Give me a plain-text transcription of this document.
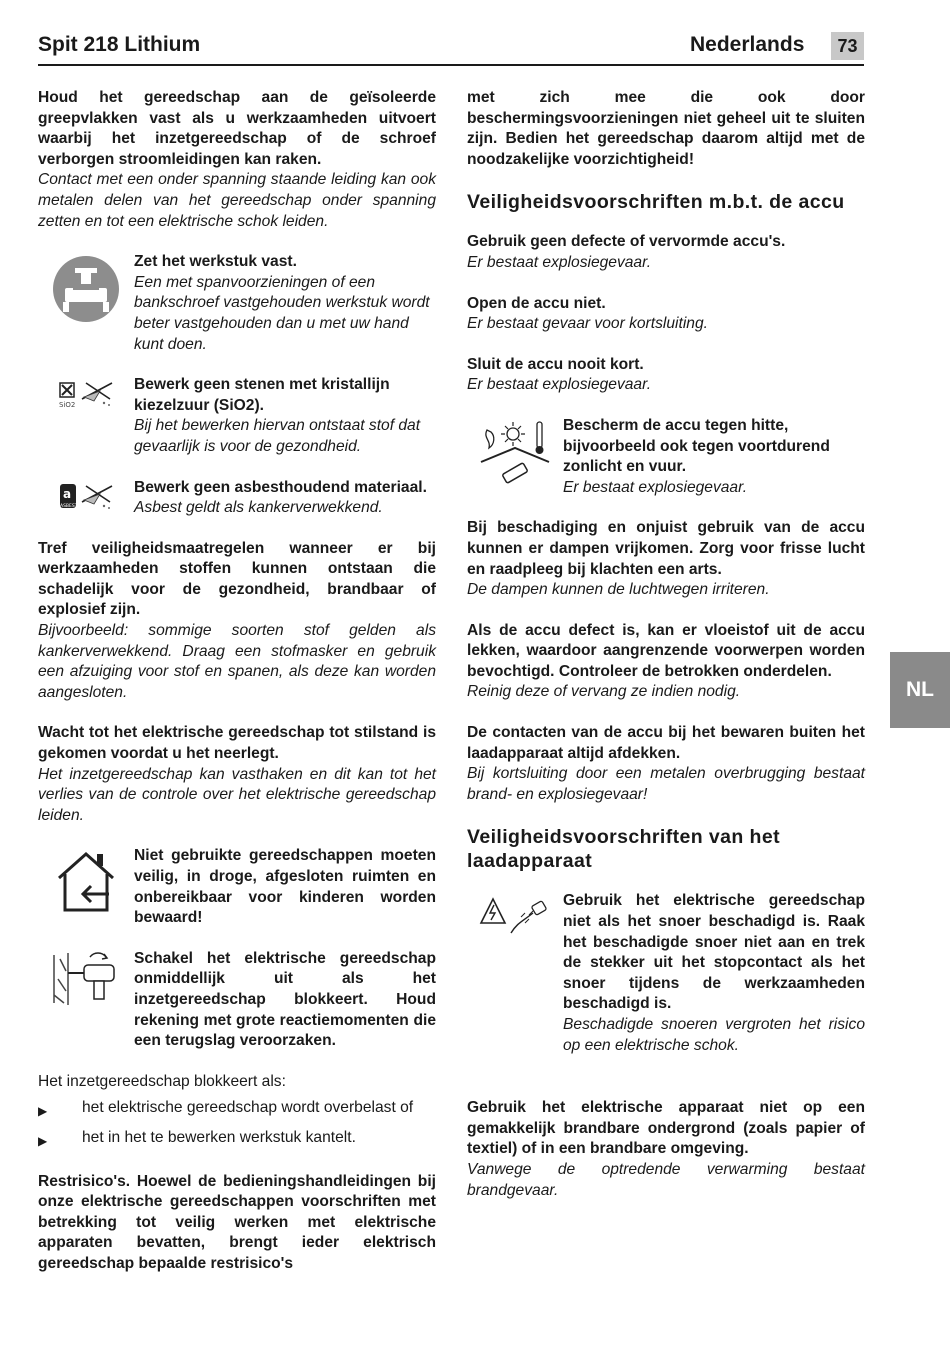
Spit 218 Lithium	Nederlands	73
Houd het gereedschap aan de geïsoleerde greepvlakken vast als u werkzaamheden uitvoert waarbij het inzetgereedschap of de schroef verborgen stroomleidingen kan raken.
Contact met een onder spanning staande leiding kan ook metalen delen van het gereedschap onder spanning zetten en tot een elektrische schok leiden.
Zet het werkstuk vast.
Een met spanvoorzieningen of een bankschroef vastgehouden werkstuk wordt beter vastgehouden dan u met uw hand kunt doen.
SiO2
Bewerk geen stenen met kristallijn kiezelzuur (SiO2).
Bij het bewerken hiervan ontstaat stof dat gevaarlijk is voor de gezondheid.
a
ASBEST
Bewerk geen asbesthoudend materiaal.
Asbest geldt als kankerverwekkend.
Tref veiligheidsmaatregelen wanneer er bij werkzaamheden stoffen kunnen ontstaan die schadelijk voor de gezondheid, brandbaar of explosief zijn.
Bijvoorbeeld: sommige soorten stof gelden als kankerverwekkend. Draag een stofmasker en gebruik een afzuiging voor stof en spanen, als deze kan worden aangesloten.
Wacht tot het elektrische gereedschap tot stilstand is gekomen voordat u het neerlegt.
Het inzetgereedschap kan vasthaken en dit kan tot het verlies van de controle over het elektrische gereedschap leiden.
Niet gebruikte gereedschappen moeten veilig, in droge, afgesloten ruimten en onbereikbaar voor kinderen worden bewaard!
Schakel het elektrische gereedschap onmiddellijk uit als het inzetgereedschap blokkeert. Houd rekening met grote reactiemomenten die een terugslag veroorzaken.
Het inzetgereedschap blokkeert als:
▶	het elektrische gereedschap wordt overbelast of
▶	het in het te bewerken werkstuk kantelt.
Restrisico's. Hoewel de bedieningshandleidingen bij onze elektrische gereedschappen voorschriften met betrekking tot veilig werken met elektrische apparaten bevatten, brengt ieder elektrisch gereedschap bepaalde restrisico's
met zich mee die ook door beschermingsvoorzieningen niet geheel uit te sluiten zijn. Bedien het gereedschap daarom altijd met de noodzakelijke voorzichtigheid!
Veiligheidsvoorschriften m.b.t. de accu
Gebruik geen defecte of vervormde accu's.
Er bestaat explosiegevaar.
Open de accu niet.
Er bestaat gevaar voor kortsluiting.
Sluit de accu nooit kort.
Er bestaat explosiegevaar.
Bescherm de accu tegen hitte, bijvoorbeeld ook tegen voortdurend zonlicht en vuur.
Er bestaat explosiegevaar.
Bij beschadiging en onjuist gebruik van de accu kunnen er dampen vrijkomen. Zorg voor frisse lucht en raadpleeg bij klachten een arts.
De dampen kunnen de luchtwegen irriteren.
Als de accu defect is, kan er vloeistof uit de accu lekken, waardoor aangrenzende voorwerpen worden bevochtigd. Controleer de betrokken onderdelen.
Reinig deze of vervang ze indien nodig.
De contacten van de accu bij het bewaren buiten het laadapparaat altijd afdekken.
Bij kortsluiting door een metalen overbrugging bestaat brand- en explosiegevaar!
Veiligheidsvoorschriften van het laadapparaat
Gebruik het elektrische gereedschap niet als het snoer beschadigd is. Raak het beschadigde snoer niet aan en trek de stekker uit het stopcontact als het snoer tijdens de werkzaamheden beschadigd is.
Beschadigde snoeren vergroten het risico op een elektrische schok.
Gebruik het elektrische apparaat niet op een gemakkelijk brandbare ondergrond (zoals papier of textiel) of in een brandbare omgeving.
Vanwege de optredende verwarming bestaat brandgevaar.
NL
